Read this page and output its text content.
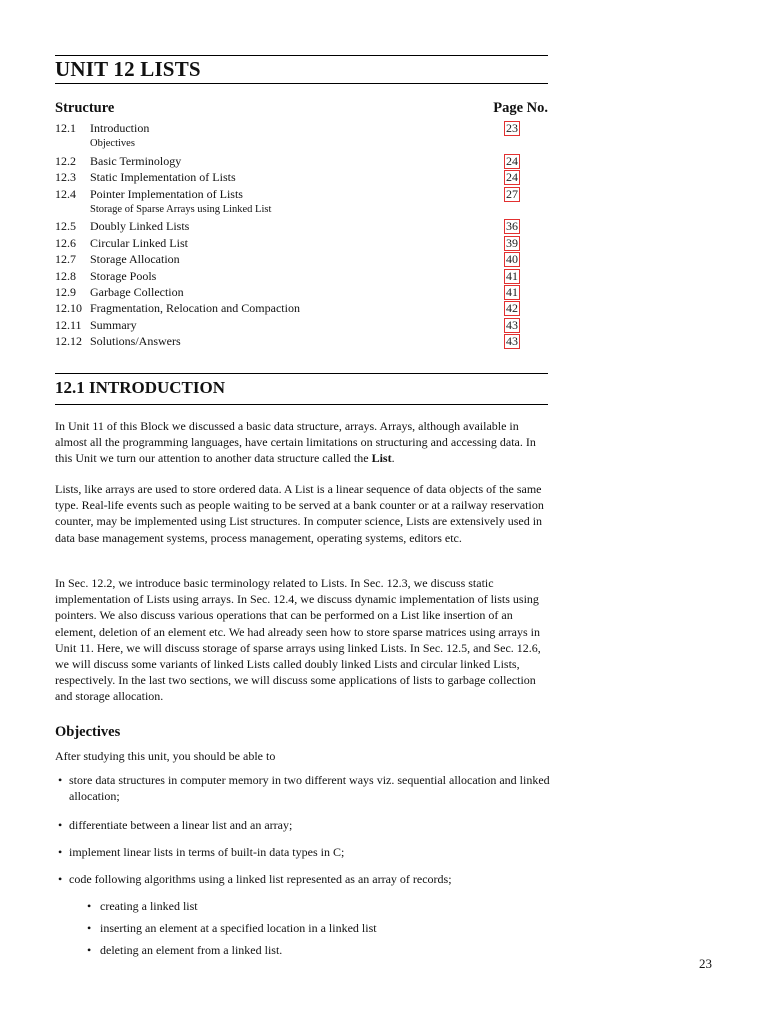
UNIT 12 LISTS
Structure	Page No.
12.1 Introduction	23
Objectives
12.2 Basic Terminology	24
12.3 Static Implementation of Lists	24
12.4 Pointer Implementation of Lists	27
Storage of Sparse Arrays using Linked List
12.5 Doubly Linked Lists	36
12.6 Circular Linked List	39
12.7 Storage Allocation	40
12.8 Storage Pools	41
12.9 Garbage Collection	41
12.10 Fragmentation, Relocation and Compaction	42
12.11 Summary	43
12.12 Solutions/Answers	43
12.1 INTRODUCTION

In Unit 11 of this Block we discussed a basic data structure, arrays. Arrays, although available in almost all the programming languages, have certain limitations on structuring and accessing data. In this Unit we turn our attention to another data structure called the List.

Lists, like arrays are used to store ordered data. A List is a linear sequence of data objects of the same type. Real-life events such as people waiting to be served at a bank counter or at a railway reservation counter, may be implemented using List structures. In computer science, Lists are extensively used in data base management systems, process management, operating systems, editors etc.

In Sec. 12.2, we introduce basic terminology related to Lists. In Sec. 12.3, we discuss static implementation of Lists using arrays. In Sec. 12.4, we discuss dynamic implementation of lists using pointers. We also discuss various operations that can be performed on a List like insertion of an element, deletion of an element etc. We had already seen how to store sparse matrices using arrays in Unit 11. Here, we will discuss storage of sparse arrays using linked Lists. In Sec. 12.5, and Sec. 12.6, we will discuss some variants of linked Lists called doubly linked Lists and circular linked Lists, respectively. In the last two sections, we will discuss some applications of lists to garbage collection and storage allocation.

Objectives
After studying this unit, you should be able to
• store data structures in computer memory in two different ways viz. sequential allocation and linked allocation;
• differentiate between a linear list and an array;
• implement linear lists in terms of built-in data types in C;
• code following algorithms using a linked list represented as an array of records;
• creating a linked list
• inserting an element at a specified location in a linked list
• deleting an element from a linked list.
23
